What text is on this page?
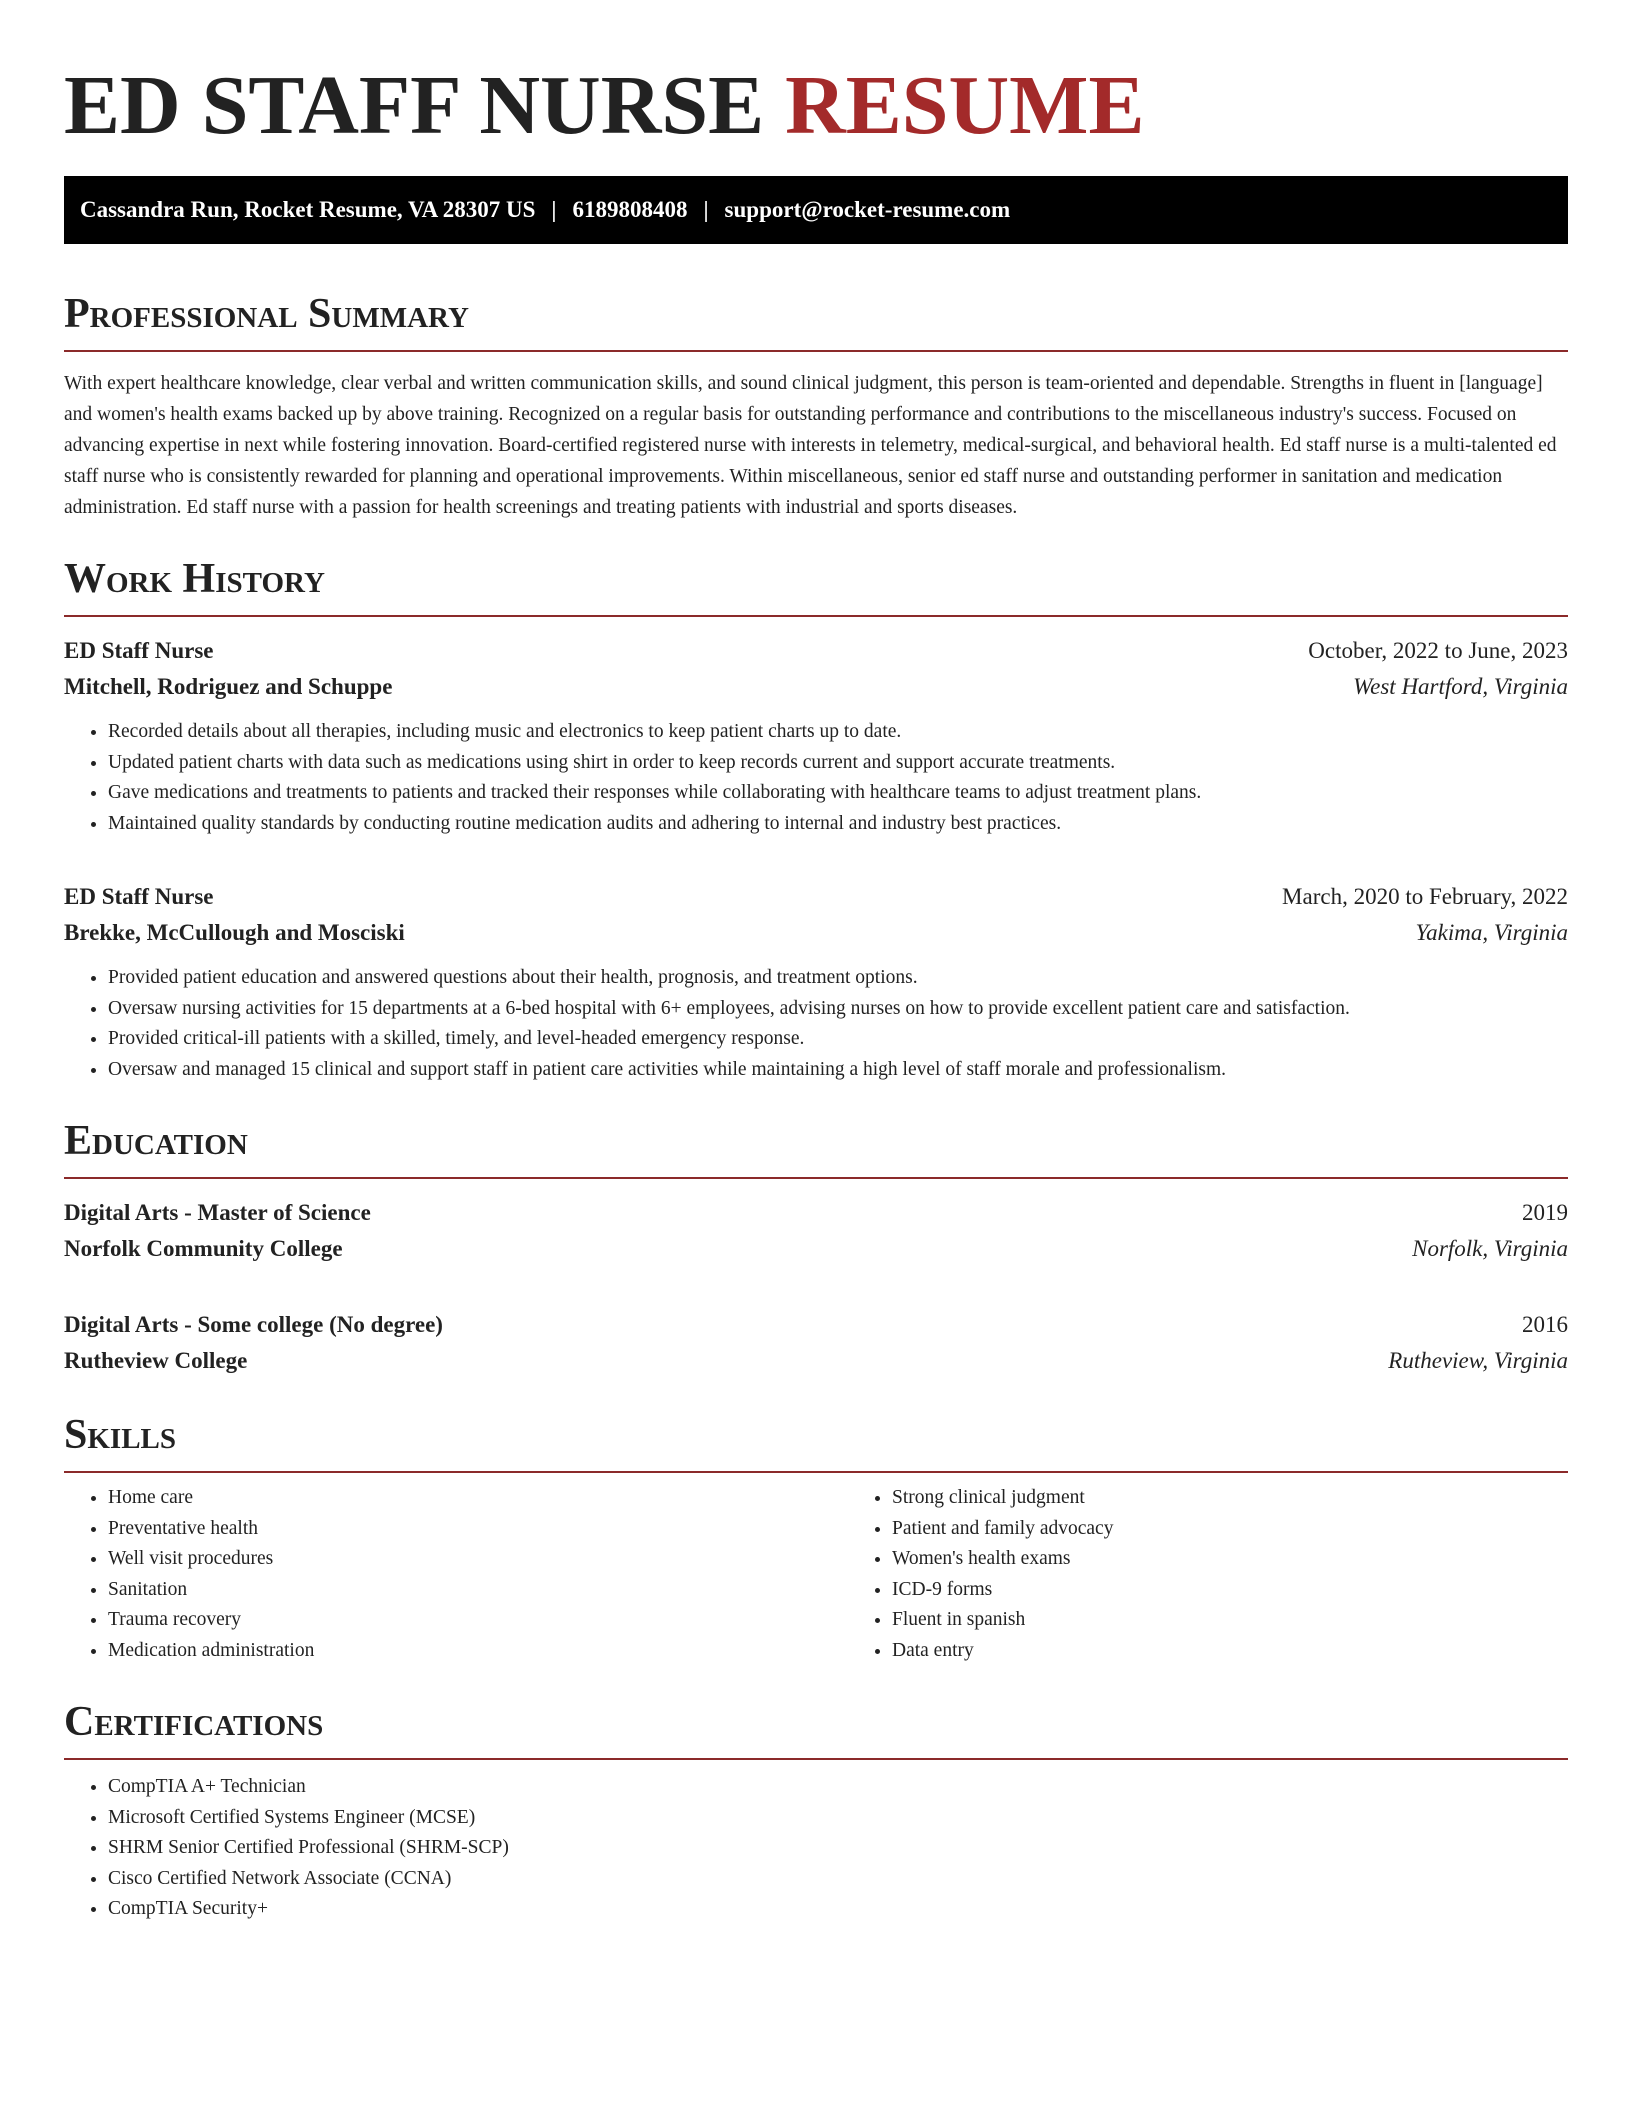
ED STAFF NURSE RESUME
Cassandra Run, Rocket Resume, VA 28307 US | 6189808408 | support@rocket-resume.com
Professional Summary

With expert healthcare knowledge, clear verbal and written communication skills, and sound clinical judgment, this person is team-oriented and dependable. Strengths in fluent in [language] and women's health exams backed up by above training. Recognized on a regular basis for outstanding performance and contributions to the miscellaneous industry's success. Focused on advancing expertise in next while fostering innovation. Board-certified registered nurse with interests in telemetry, medical-surgical, and behavioral health. Ed staff nurse is a multi-talented ed staff nurse who is consistently rewarded for planning and operational improvements. Within miscellaneous, senior ed staff nurse and outstanding performer in sanitation and medication administration. Ed staff nurse with a passion for health screenings and treating patients with industrial and sports diseases.

Work History
ED Staff Nurse	October, 2022 to June, 2023
Mitchell, Rodriguez and Schuppe	West Hartford, Virginia
• Recorded details about all therapies, including music and electronics to keep patient charts up to date.
• Updated patient charts with data such as medications using shirt in order to keep records current and support accurate treatments.
• Gave medications and treatments to patients and tracked their responses while collaborating with healthcare teams to adjust treatment plans.
• Maintained quality standards by conducting routine medication audits and adhering to internal and industry best practices.
ED Staff Nurse	March, 2020 to February, 2022
Brekke, McCullough and Mosciski	Yakima, Virginia
• Provided patient education and answered questions about their health, prognosis, and treatment options.
• Oversaw nursing activities for 15 departments at a 6-bed hospital with 6+ employees, advising nurses on how to provide excellent patient care and satisfaction.
• Provided critical-ill patients with a skilled, timely, and level-headed emergency response.
• Oversaw and managed 15 clinical and support staff in patient care activities while maintaining a high level of staff morale and professionalism.
Education
Digital Arts - Master of Science	2019
Norfolk Community College	Norfolk, Virginia
Digital Arts - Some college (No degree)	2016
Rutheview College	Rutheview, Virginia
Skills
• Home care
• Preventative health
• Well visit procedures
• Sanitation
• Trauma recovery
• Medication administration
• Strong clinical judgment
• Patient and family advocacy
• Women's health exams
• ICD-9 forms
• Fluent in spanish
• Data entry
Certifications
• CompTIA A+ Technician
• Microsoft Certified Systems Engineer (MCSE)
• SHRM Senior Certified Professional (SHRM-SCP)
• Cisco Certified Network Associate (CCNA)
• CompTIA Security+
